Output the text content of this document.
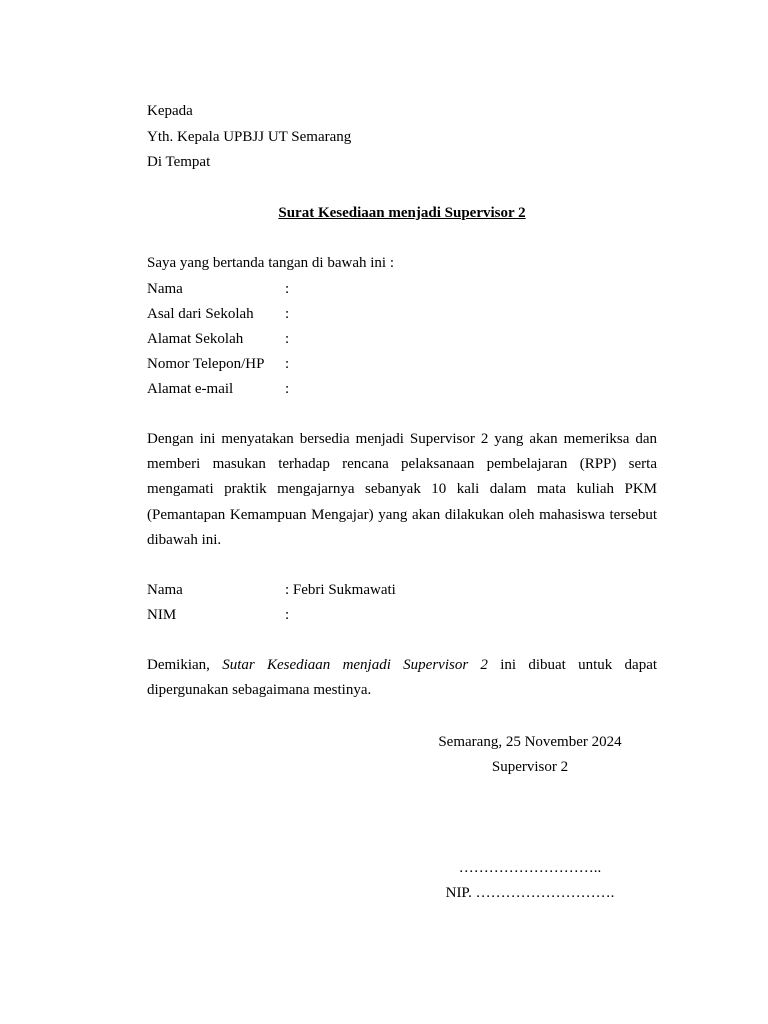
Kepada
Yth. Kepala UPBJJ UT Semarang
Di Tempat
Surat Kesediaan menjadi Supervisor 2
Saya yang bertanda tangan di bawah ini :
Nama	:
Asal dari Sekolah :
Alamat Sekolah	:
Nomor Telepon/HP :
Alamat e-mail	:
Dengan ini menyatakan bersedia menjadi Supervisor 2 yang akan memeriksa dan memberi masukan terhadap rencana pelaksanaan pembelajaran (RPP) serta mengamati praktik mengajarnya sebanyak 10 kali dalam mata kuliah PKM (Pemantapan Kemampuan Mengajar) yang akan dilakukan oleh mahasiswa tersebut dibawah ini.
Nama	: Febri Sukmawati
NIM	:
Demikian, Sutar Kesediaan menjadi Supervisor 2 ini dibuat untuk dapat dipergunakan sebagaimana mestinya.
Semarang, 25 November 2024
Supervisor 2
………………………..
NIP. ……………………….
